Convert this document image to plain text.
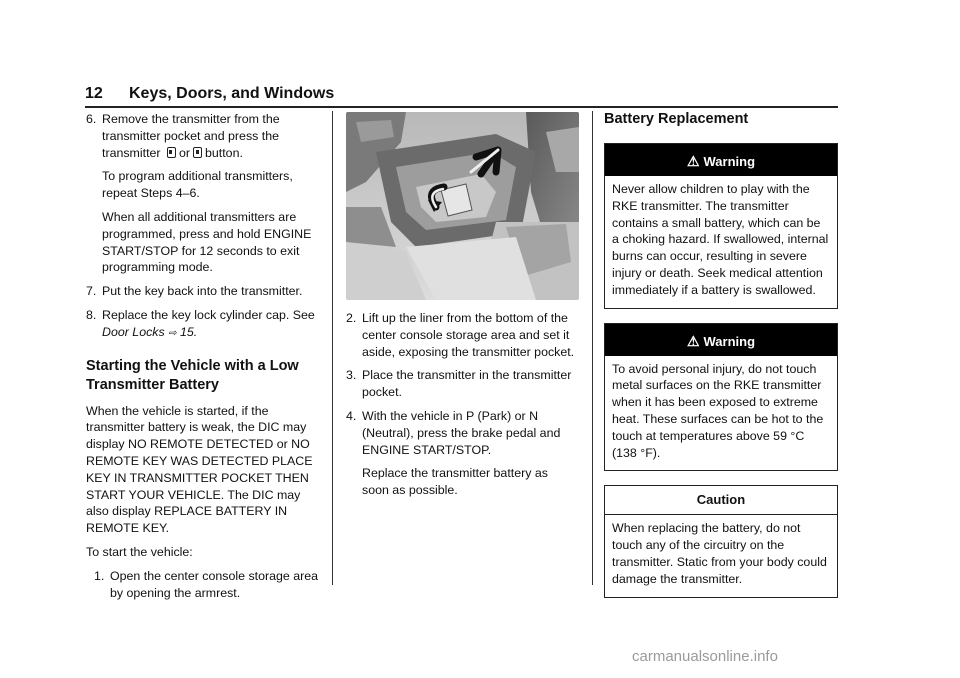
12 Keys, Doors, and Windows
6. Remove the transmitter from the transmitter pocket and press the transmitter or button.

To program additional transmitters, repeat Steps 4–6.

When all additional transmitters are programmed, press and hold ENGINE START/STOP for 12 seconds to exit programming mode.

7. Put the key back into the transmitter.

8. Replace the key lock cylinder cap. See Door Locks ⇨ 15.

Starting the Vehicle with a Low Transmitter Battery

When the vehicle is started, if the transmitter battery is weak, the DIC may display NO REMOTE DETECTED or NO REMOTE KEY WAS DETECTED PLACE KEY IN TRANSMITTER POCKET THEN START YOUR VEHICLE. The DIC may also display REPLACE BATTERY IN REMOTE KEY.

To start the vehicle:

1. Open the center console storage area by opening the armrest.

2. Lift up the liner from the bottom of the center console storage area and set it aside, exposing the transmitter pocket.

3. Place the transmitter in the transmitter pocket.

4. With the vehicle in P (Park) or N (Neutral), press the brake pedal and ENGINE START/STOP.

Replace the transmitter battery as soon as possible.

Battery Replacement
⚠ Warning
Never allow children to play with the RKE transmitter. The transmitter contains a small battery, which can be a choking hazard. If swallowed, internal burns can occur, resulting in severe injury or death. Seek medical attention immediately if a battery is swallowed.
⚠ Warning
To avoid personal injury, do not touch metal surfaces on the RKE transmitter when it has been exposed to extreme heat. These surfaces can be hot to the touch at temperatures above 59 °C (138 °F).
Caution
When replacing the battery, do not touch any of the circuitry on the transmitter. Static from your body could damage the transmitter.
carmanualsonline.info
